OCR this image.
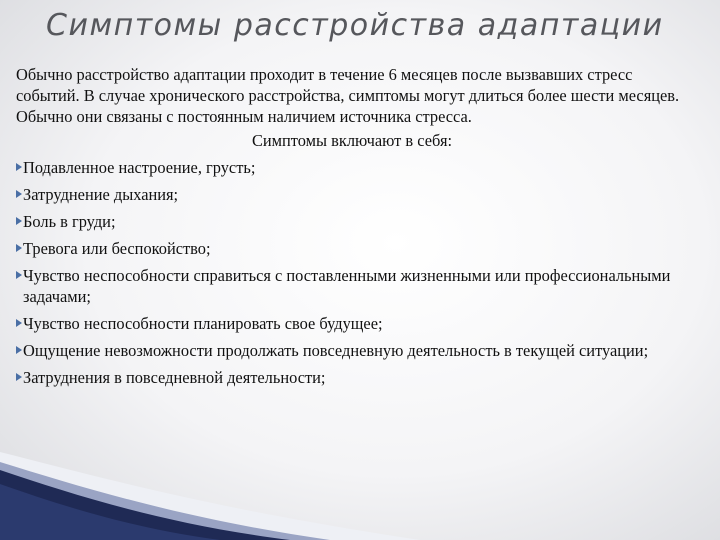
Симптомы расстройства адаптации

Обычно расстройство адаптации проходит в течение 6 месяцев после вызвавших стресс событий. В случае хронического расстройства, симптомы могут длиться более шести месяцев. Обычно они связаны с постоянным наличием источника стресса.

Симптомы включают в себя:

Подавленное настроение, грусть;
Затруднение дыхания;
Боль в груди;
Тревога или беспокойство;
Чувство неспособности справиться с поставленными жизненными или профессиональными задачами;
Чувство неспособности планировать свое будущее;
Ощущение невозможности продолжать повседневную деятельность в текущей ситуации;
Затруднения в повседневной деятельности;
